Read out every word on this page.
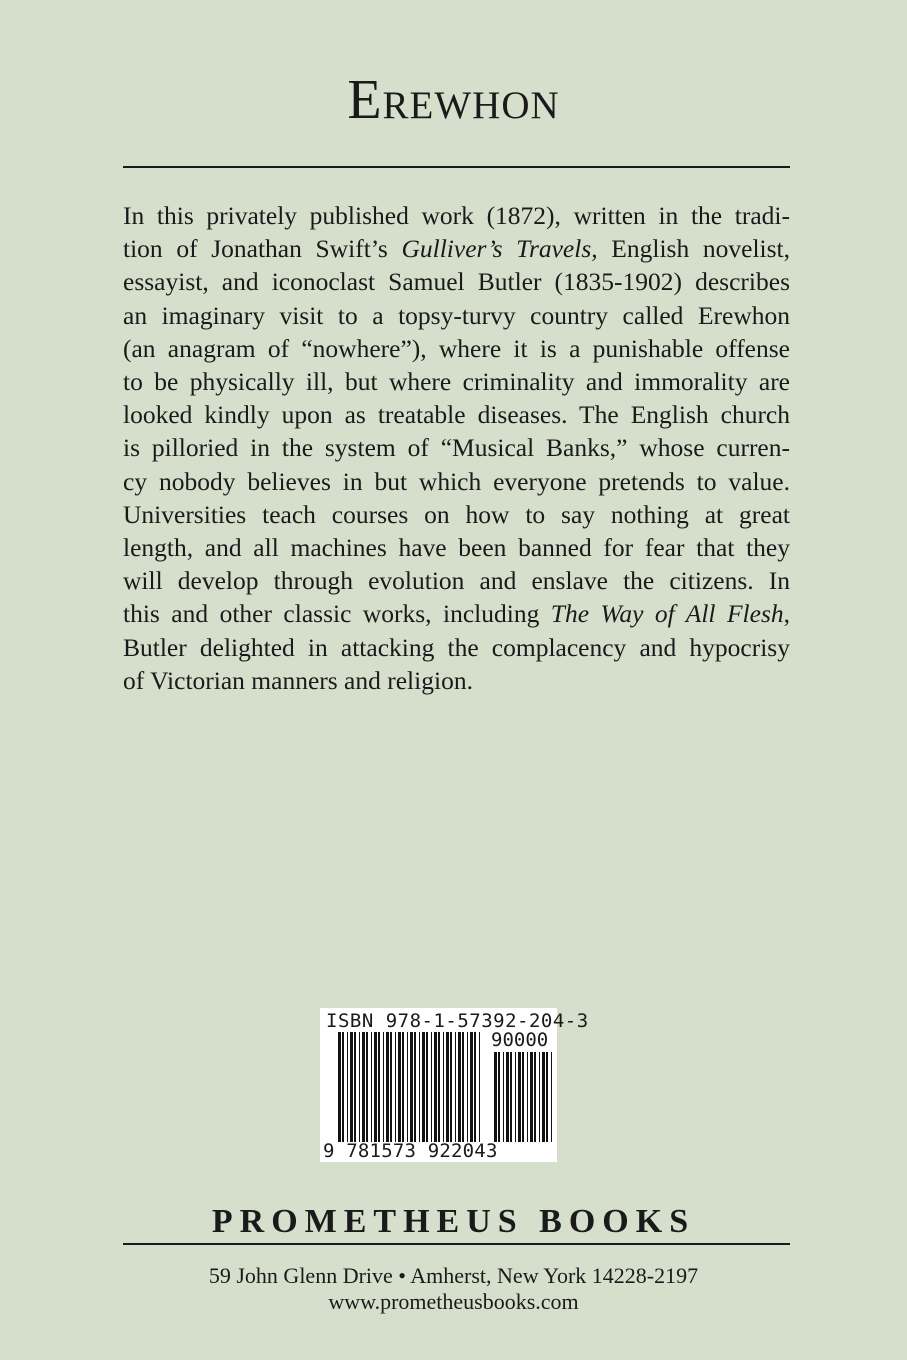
Erewhon
In this privately published work (1872), written in the tradi-
tion of Jonathan Swift’s Gulliver’s Travels, English novelist,
essayist, and iconoclast Samuel Butler (1835-1902) describes
an imaginary visit to a topsy-turvy country called Erewhon
(an anagram of “nowhere”), where it is a punishable offense
to be physically ill, but where criminality and immorality are
looked kindly upon as treatable diseases. The English church
is pilloried in the system of “Musical Banks,” whose curren-
cy nobody believes in but which everyone pretends to value.
Universities teach courses on how to say nothing at great
length, and all machines have been banned for fear that they
will develop through evolution and enslave the citizens. In
this and other classic works, including The Way of All Flesh,
Butler delighted in attacking the complacency and hypocrisy
of Victorian manners and religion.
ISBN 978-1-57392-204-3
90000
9 781573 922043
PROMETHEUS BOOKS
59 John Glenn Drive • Amherst, New York 14228-2197
www.prometheusbooks.com
